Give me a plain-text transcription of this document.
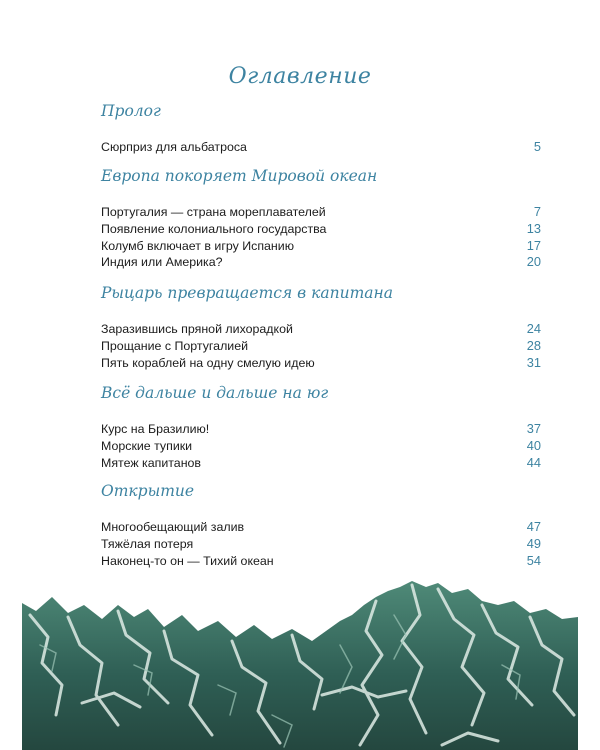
Оглавление
Пролог
Сюрприз для альбатроса	5
Европа покоряет Мировой океан
Португалия — страна мореплавателей	7
Появление колониального государства	13
Колумб включает в игру Испанию	17
Индия или Америка?	20
Рыцарь превращается в капитана
Заразившись пряной лихорадкой	24
Прощание с Португалией	28
Пять кораблей на одну смелую идею	31
Всё дальше и дальше на юг
Курс на Бразилию!	37
Морские тупики	40
Мятеж капитанов	44
Открытие
Многообещающий залив	47
Тяжёлая потеря	49
Наконец-то он — Тихий океан	54
